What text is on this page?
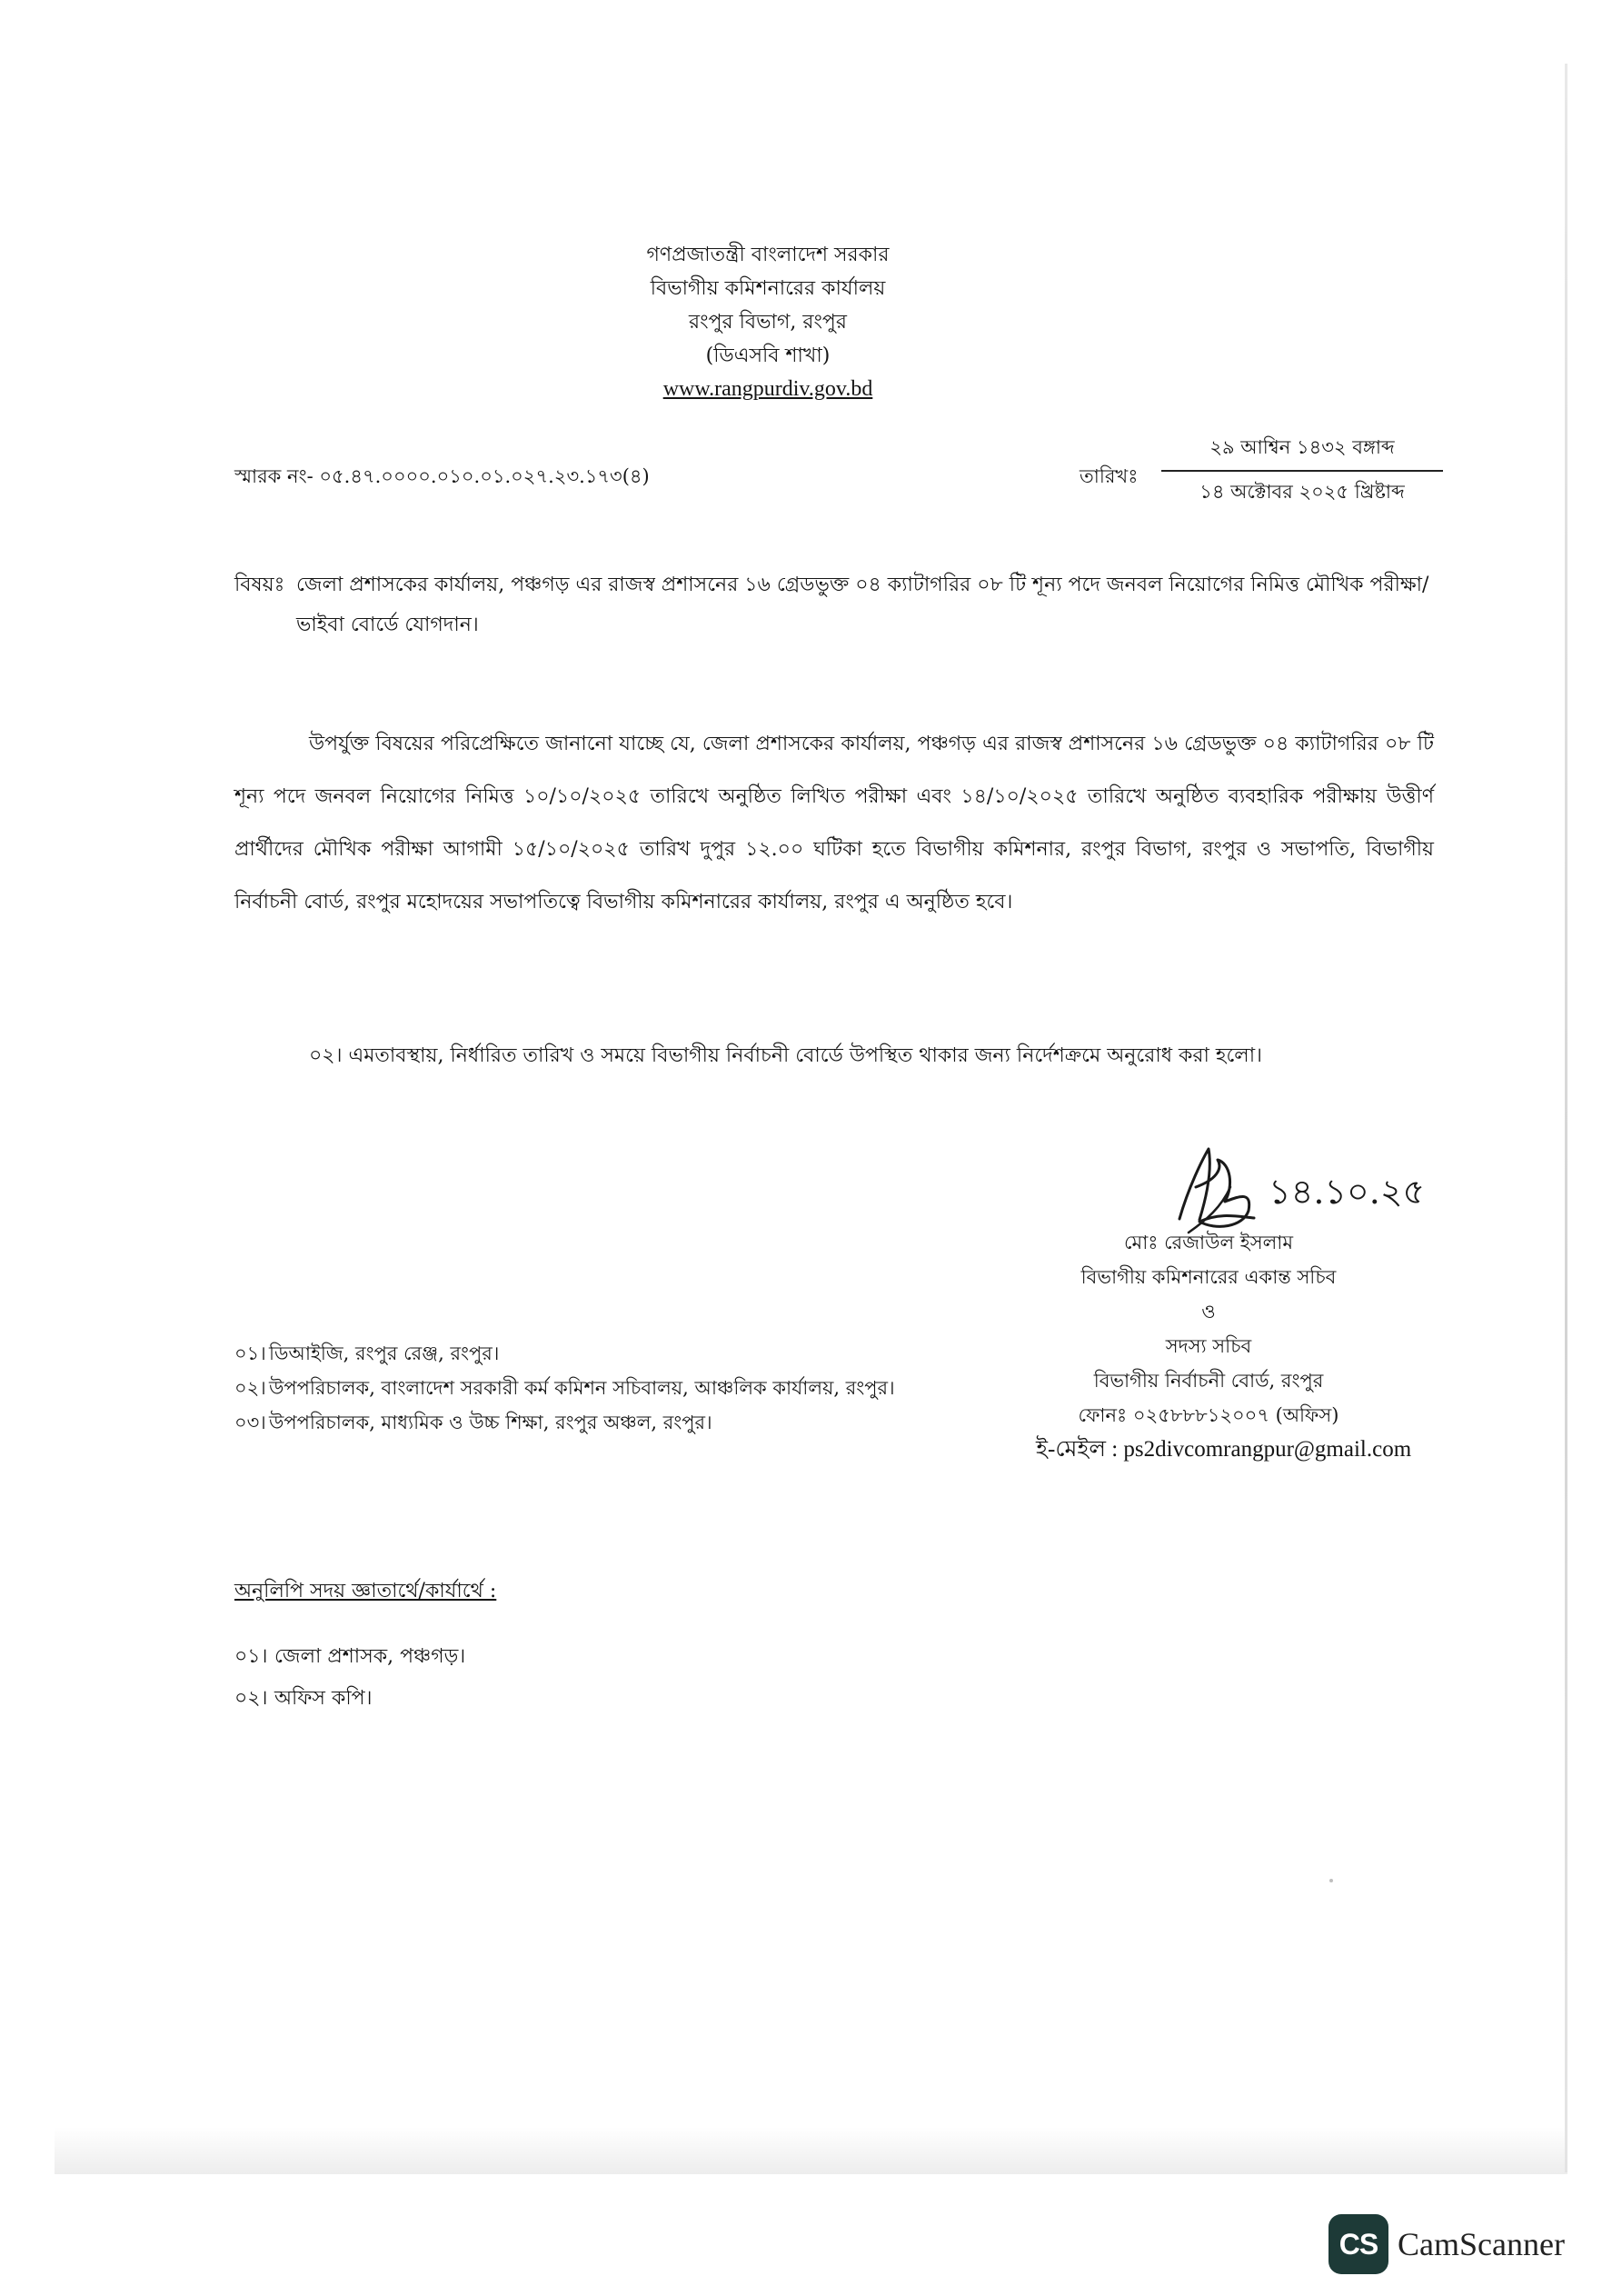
গণপ্রজাতন্ত্রী বাংলাদেশ সরকার
বিভাগীয় কমিশনারের কার্যালয়
রংপুর বিভাগ, রংপুর
(ডিএসবি শাখা)
www.rangpurdiv.gov.bd
স্মারক নং- ০৫.৪৭.০০০০.০১০.০১.০২৭.২৩.১৭৩(৪)	তারিখঃ
২৯ আশ্বিন ১৪৩২ বঙ্গাব্দ
১৪ অক্টোবর ২০২৫ খ্রিষ্টাব্দ
বিষয়ঃ জেলা প্রশাসকের কার্যালয়, পঞ্চগড় এর রাজস্ব প্রশাসনের ১৬ গ্রেডভুক্ত ০৪ ক্যাটাগরির ০৮ টি শূন্য পদে জনবল নিয়োগের নিমিত্ত মৌখিক পরীক্ষা/ভাইবা বোর্ডে যোগদান।
উপর্যুক্ত বিষয়ের পরিপ্রেক্ষিতে জানানো যাচ্ছে যে, জেলা প্রশাসকের কার্যালয়, পঞ্চগড় এর রাজস্ব প্রশাসনের ১৬ গ্রেডভুক্ত ০৪ ক্যাটাগরির ০৮ টি শূন্য পদে জনবল নিয়োগের নিমিত্ত ১০/১০/২০২৫ তারিখে অনুষ্ঠিত লিখিত পরীক্ষা এবং ১৪/১০/২০২৫ তারিখে অনুষ্ঠিত ব্যবহারিক পরীক্ষায় উত্তীর্ণ প্রার্থীদের মৌখিক পরীক্ষা আগামী ১৫/১০/২০২৫ তারিখ দুপুর ১২.০০ ঘটিকা হতে বিভাগীয় কমিশনার, রংপুর বিভাগ, রংপুর ও সভাপতি, বিভাগীয় নির্বাচনী বোর্ড, রংপুর মহোদয়ের সভাপতিত্বে বিভাগীয় কমিশনারের কার্যালয়, রংপুর এ অনুষ্ঠিত হবে।
০২। এমতাবস্থায়, নির্ধারিত তারিখ ও সময়ে বিভাগীয় নির্বাচনী বোর্ডে উপস্থিত থাকার জন্য নির্দেশক্রমে অনুরোধ করা হলো।
১৪.১০.২৫
মোঃ রেজাউল ইসলাম
বিভাগীয় কমিশনারের একান্ত সচিব
ও
সদস্য সচিব
বিভাগীয় নির্বাচনী বোর্ড, রংপুর
ফোনঃ ০২৫৮৮৮১২০০৭ (অফিস)
ই-মেইল : ps2divcomrangpur@gmail.com
০১। ডিআইজি, রংপুর রেঞ্জ, রংপুর।
০২। উপপরিচালক, বাংলাদেশ সরকারী কর্ম কমিশন সচিবালয়, আঞ্চলিক কার্যালয়, রংপুর।
০৩। উপপরিচালক, মাধ্যমিক ও উচ্চ শিক্ষা, রংপুর অঞ্চল, রংপুর।
অনুলিপি সদয় জ্ঞাতার্থে/কার্যার্থে :
০১। জেলা প্রশাসক, পঞ্চগড়।
০২। অফিস কপি।
CS CamScanner
